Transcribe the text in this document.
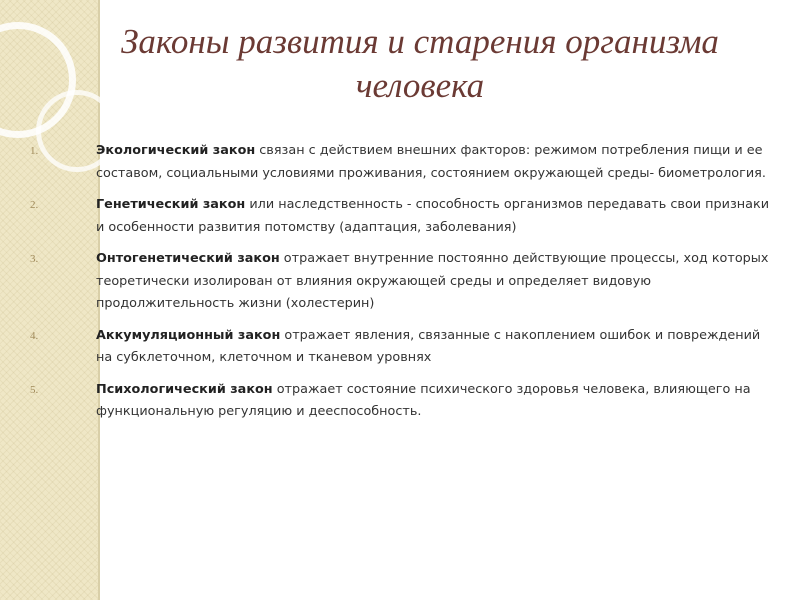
Законы развития и старения организма
человека
1.	Экологический закон связан с действием внешних факторов: режимом потребления пищи и ее составом, социальными условиями проживания, состоянием окружающей среды- биометрология.
2.	Генетический закон или наследственность - способность организмов передавать свои признаки и особенности развития потомству (адаптация, заболевания)
3.	Онтогенетический закон отражает внутренние постоянно действующие процессы, ход которых теоретически изолирован от влияния окружающей среды и определяет видовую продолжительность жизни (холестерин)
4.	Аккумуляционный закон отражает явления, связанные с накоплением ошибок и повреждений на субклеточном, клеточном и тканевом уровнях
5.	Психологический закон отражает состояние психического здоровья человека, влияющего на функциональную регуляцию и дееспособность.
